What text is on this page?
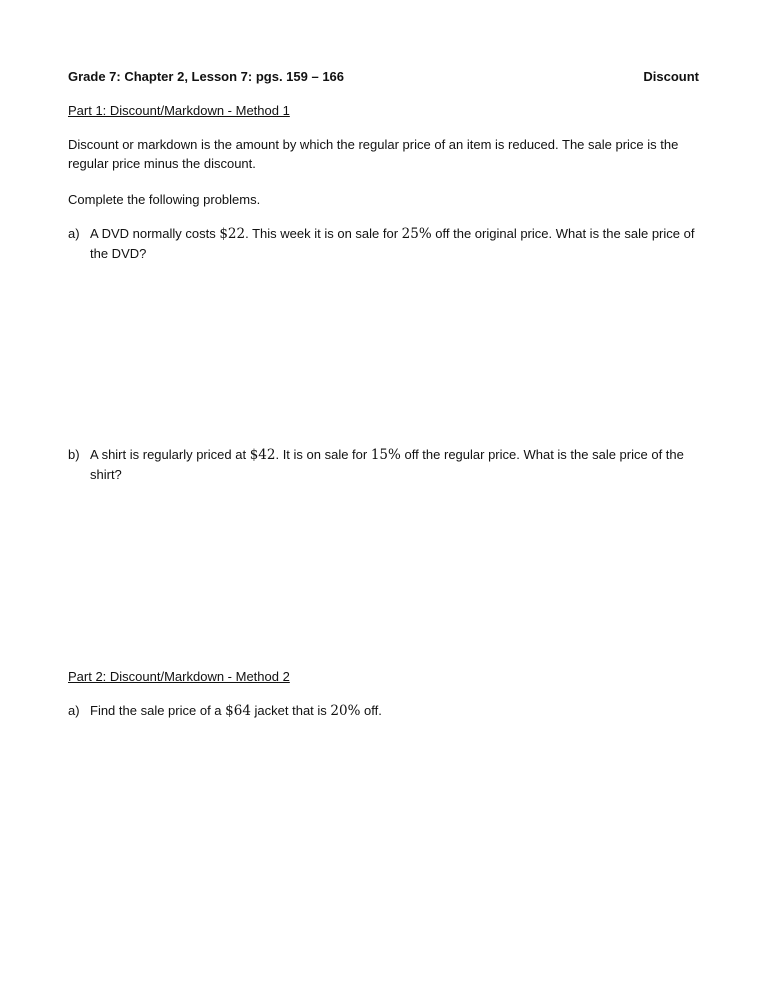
Grade 7: Chapter 2, Lesson 7: pgs. 159 – 166	Discount
Part 1: Discount/Markdown - Method 1
Discount or markdown is the amount by which the regular price of an item is reduced. The sale price is the regular price minus the discount.
Complete the following problems.
a) A DVD normally costs $22. This week it is on sale for 25% off the original price. What is the sale price of the DVD?
b) A shirt is regularly priced at $42. It is on sale for 15% off the regular price. What is the sale price of the shirt?
Part 2: Discount/Markdown - Method 2
a) Find the sale price of a $64 jacket that is 20% off.
